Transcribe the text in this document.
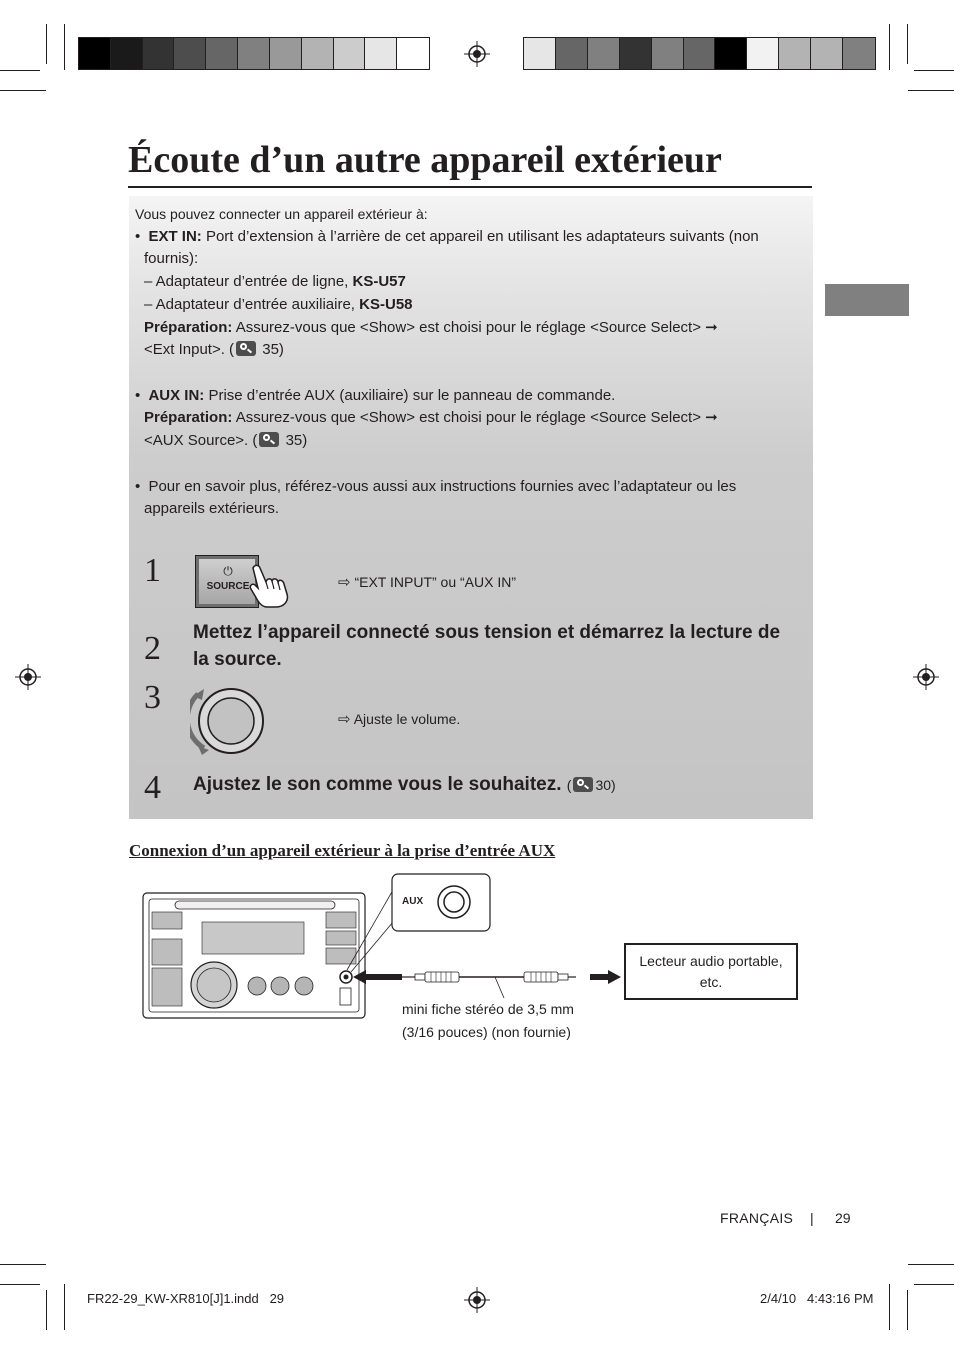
Écoute d’un autre appareil extérieur
Vous pouvez connecter un appareil extérieur à:
• EXT IN: Port d’extension à l’arrière de cet appareil en utilisant les adaptateurs suivants (non
fournis):
– Adaptateur d’entrée de ligne, KS-U57
– Adaptateur d’entrée auxiliaire, KS-U58
Préparation: Assurez-vous que <Show> est choisi pour le réglage <Source Select> ➞
<Ext Input>. ( 35)
• AUX IN: Prise d’entrée AUX (auxiliaire) sur le panneau de commande.
Préparation: Assurez-vous que <Show> est choisi pour le réglage <Source Select> ➞
<AUX Source>. ( 35)
• Pour en savoir plus, référez-vous aussi aux instructions fournies avec l’adaptateur ou les
appareils extérieurs.
1	⏻
SOURCE	⇨ “EXT INPUT” ou “AUX IN”
2 Mettez l’appareil connecté sous tension et démarrez la lecture de
la source.
3
⇨ Ajuste le volume.
4 Ajustez le son comme vous le souhaitez. ( 30)
Connexion d’un appareil extérieur à la prise d’entrée AUX
AUX
Lecteur audio portable,
etc.
mini fiche stéréo de 3,5 mm
(3/16 pouces) (non fournie)
FRANÇAIS | 29
FR22-29_KW-XR810[J]1.indd   29	2/4/10   4:43:16 PM
